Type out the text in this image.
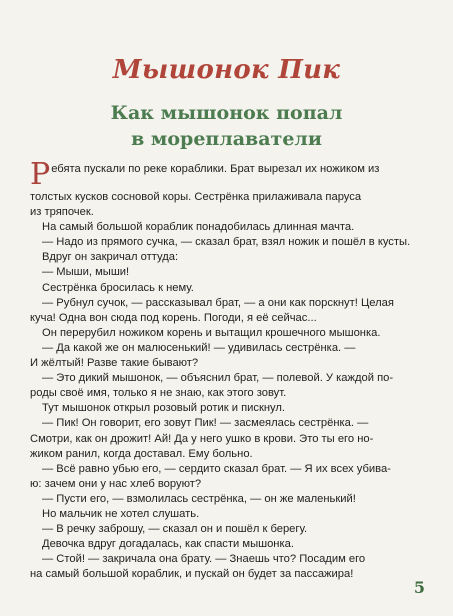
Мышонок Пик
Как мышонок попал
в мореплаватели
Ребята пускали по реке кораблики. Брат вырезал их ножиком из
толстых кусков сосновой коры. Сестрёнка прилаживала паруса
из тряпочек.
На самый большой кораблик понадобилась длинная мачта.
— Надо из прямого сучка, — сказал брат, взял ножик и пошёл в кусты.
Вдруг он закричал оттуда:
— Мыши, мыши!
Сестрёнка бросилась к нему.
— Рубнул сучок, — рассказывал брат, — а они как порскнут! Целая
куча! Одна вон сюда под корень. Погоди, я её сейчас...
Он перерубил ножиком корень и вытащил крошечного мышонка.
— Да какой же он малюсенький! — удивилась сестрёнка. —
И жёлтый! Разве такие бывают?
— Это дикий мышонок, — объяснил брат, — полевой. У каждой по-
роды своё имя, только я не знаю, как этого зовут.
Тут мышонок открыл розовый ротик и пискнул.
— Пик! Он говорит, его зовут Пик! — засмеялась сестрёнка. —
Смотри, как он дрожит! Ай! Да у него ушко в крови. Это ты его но-
жиком ранил, когда доставал. Ему больно.
— Всё равно убью его, — сердито сказал брат. — Я их всех убива-
ю: зачем они у нас хлеб воруют?
— Пусти его, — взмолилась сестрёнка, — он же маленький!
Но мальчик не хотел слушать.
— В речку заброшу, — сказал он и пошёл к берегу.
Девочка вдруг догадалась, как спасти мышонка.
— Стой! — закричала она брату. — Знаешь что? Посадим его
на самый большой кораблик, и пускай он будет за пассажира!
5
